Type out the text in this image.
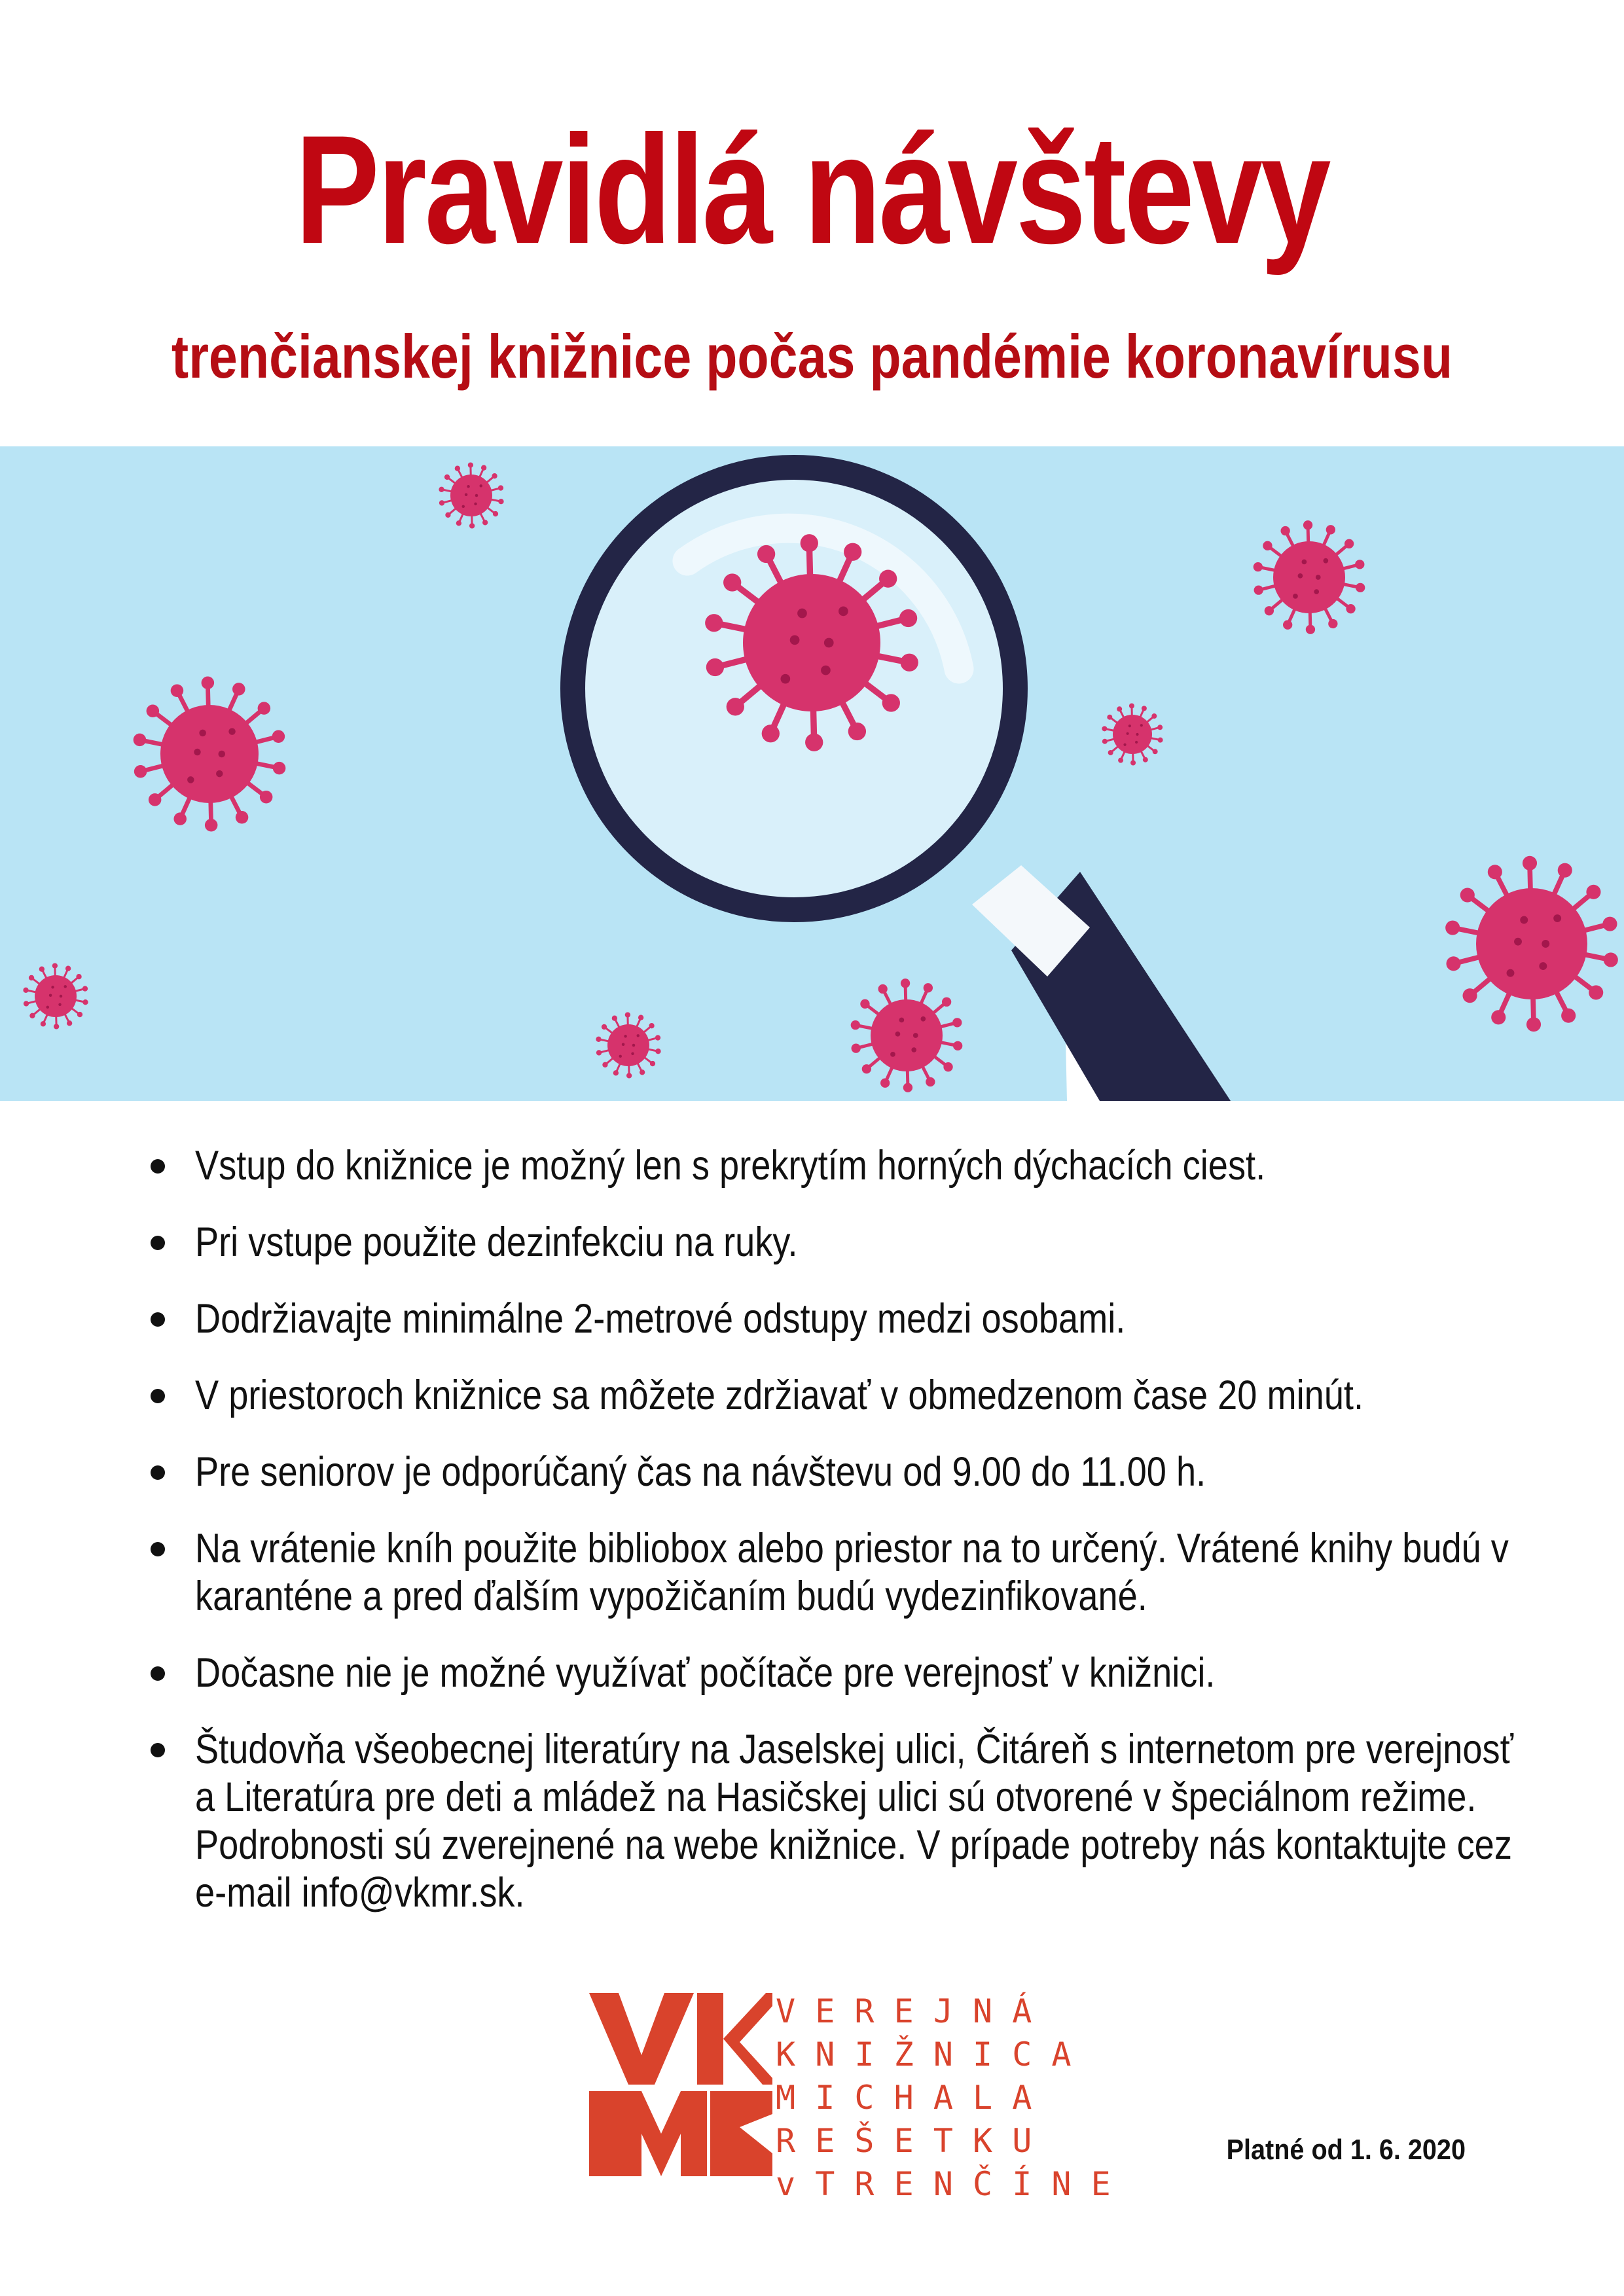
Pravidlá návštevy
trenčianskej knižnice počas pandémie koronavírusu
Vstup do knižnice je možný len s prekrytím horných dýchacích ciest.
Pri vstupe použite dezinfekciu na ruky.
Dodržiavajte minimálne 2-metrové odstupy medzi osobami.
V priestoroch knižnice sa môžete zdržiavať v obmedzenom čase 20 minút.
Pre seniorov je odporúčaný čas na návštevu od 9.00 do 11.00 h.
Na vrátenie kníh použite bibliobox alebo priestor na to určený. Vrátené knihy budú v karanténe a pred ďalším vypožičaním budú vydezinfikované.
Dočasne nie je možné využívať počítače pre verejnosť v knižnici.
Študovňa všeobecnej literatúry na Jaselskej ulici, Čitáreň s internetom pre verejnosť a Literatúra pre deti a mládež na Hasičskej ulici sú otvorené v špeciálnom režime. Podrobnosti sú zverejnené na webe knižnice. V prípade potreby nás kontaktujte cez e-mail info@vkmr.sk.
V E R E J N Á
K N I Ž N I C A
M I C H A L A
R E Š E T K U
v T R E N Č Í N E
Platné od 1. 6. 2020
